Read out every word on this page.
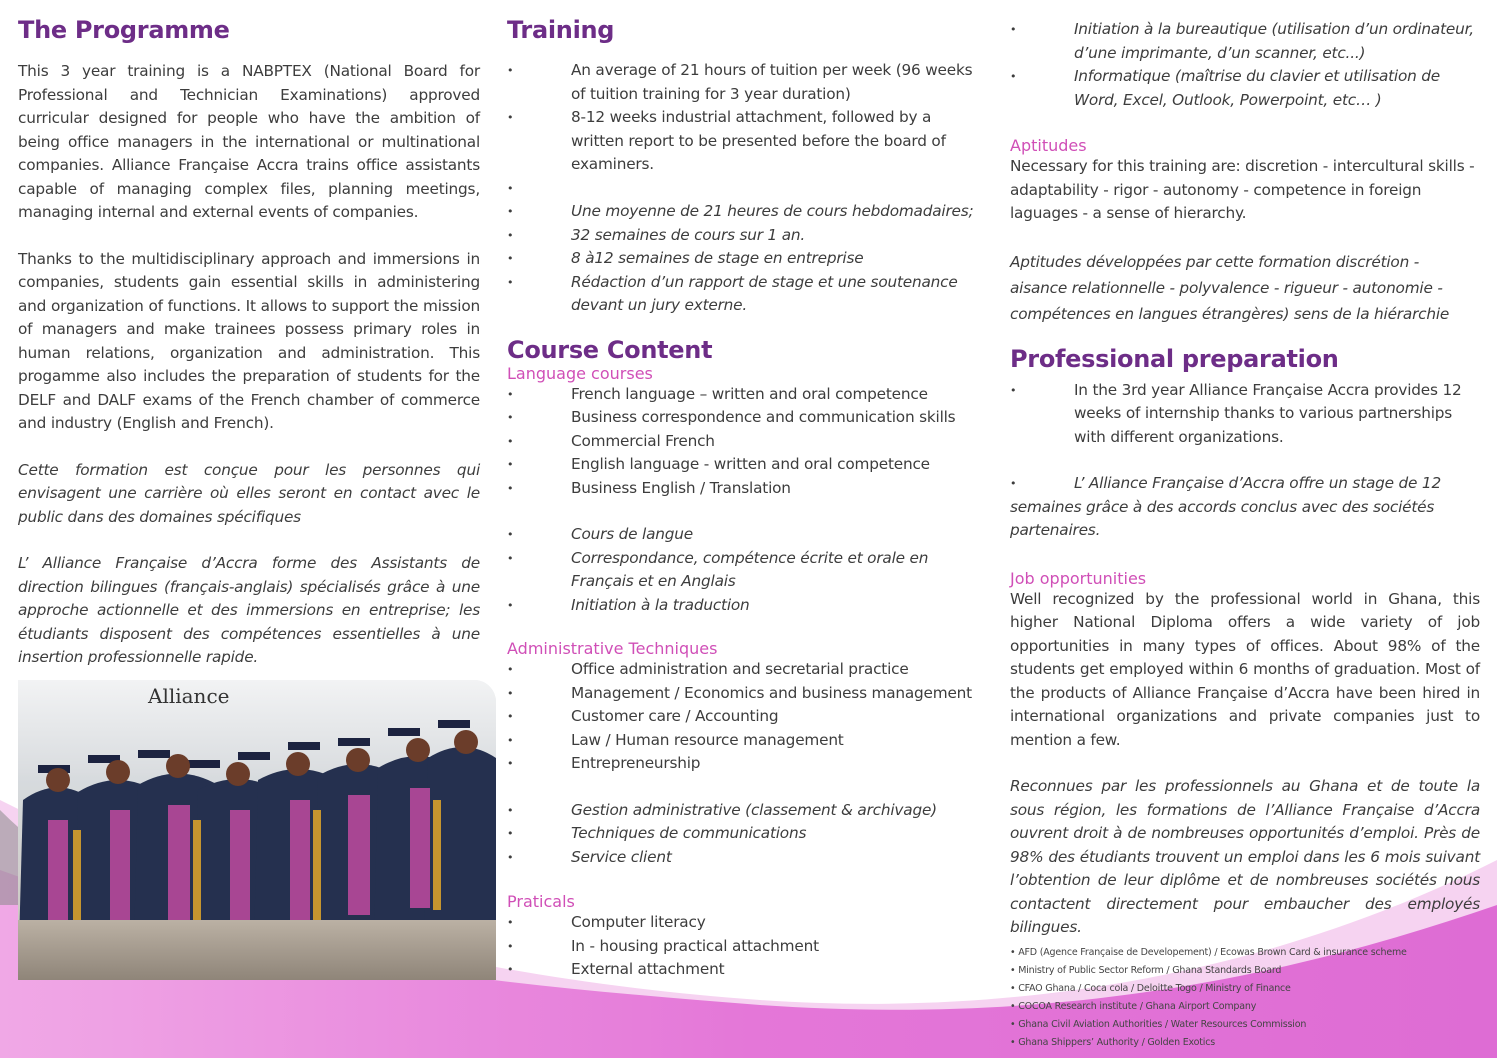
Alliance
The Programme

This 3 year training is a NABPTEX (National Board for Professional and Technician Examinations) approved curricular designed for people who have the ambition of being office managers in the international or multinational companies. Alliance Française Accra trains office assistants capable of managing complex files, planning meetings, managing internal and external events of companies.

Thanks to the multidisciplinary approach and immersions in companies, students gain essential skills in administering and organization of functions. It allows to support the mission of managers and make trainees possess primary roles in human relations, organization and administration. This progamme also includes the preparation of students for the DELF and DALF exams of the French chamber of commerce and industry (English and French).

Cette formation est conçue pour les personnes qui envisagent une carrière où elles seront en contact avec le public dans des domaines spécifiques

L’ Alliance Française d’Accra forme des Assistants de direction bilingues (français-anglais) spécialisés grâce à une approche actionnelle et des immersions en entreprise; les étudiants disposent des compétences essentielles à une insertion professionnelle rapide.

Training
•	An average of 21 hours of tuition per week (96 weeks of tuition training for 3 year duration)
•	8-12 weeks industrial attachment, followed by a written report to be presented before the board of examiners.
•
•	Une moyenne de 21 heures de cours hebdomadaires;
•	32 semaines de cours sur 1 an.
•	8 à12 semaines de stage en entreprise
•	Rédaction d’un rapport de stage et une soutenance devant un jury externe.
Course Content
Language courses
•	French language – written and oral competence
•	Business correspondence and communication skills
•	Commercial French
•	English language - written and oral competence
•	Business English / Translation
•	Cours de langue
•	Correspondance, compétence écrite et orale en Français et en Anglais
•	Initiation à la traduction
Administrative Techniques
•	Office administration and secretarial practice
•	Management / Economics and business management
•	Customer care / Accounting
•	Law / Human resource management
•	Entrepreneurship
•	Gestion administrative (classement & archivage)
•	Techniques de communications
•	Service client
Praticals
•	Computer literacy
•	In - housing practical attachment
•	External attachment
•	Initiation à la bureautique (utilisation d’un ordinateur, d’une imprimante, d’un scanner, etc...)
•	Informatique (maîtrise du clavier et utilisation de Word, Excel, Outlook, Powerpoint, etc… )
Aptitudes

Necessary for this training are: discretion - intercultural skills - adaptability - rigor - autonomy - competence in foreign laguages - a sense of hierarchy.

Aptitudes développées par cette formation discrétion - aisance relationnelle - polyvalence - rigueur - autonomie - compétences en langues étrangères) sens de la hiérarchie

Professional preparation
•	In the 3rd year Alliance Française Accra provides 12 weeks of internship thanks to various partnerships with different organizations.
•	L’ Alliance Française d’Accra offre un stage de 12

semaines grâce à des accords conclus avec des sociétés partenaires.

Job opportunities

Well recognized by the professional world in Ghana, this higher National Diploma offers a wide variety of job opportunities in many types of offices. About 98% of the students get employed within 6 months of graduation. Most of the products of Alliance Française d’Accra have been hired in international organizations and private companies just to mention a few.

Reconnues par les professionnels au Ghana et de toute la sous région, les formations de l’Alliance Française d’Accra ouvrent droit à de nombreuses opportunités d’emploi. Près de 98% des étudiants trouvent un emploi dans les 6 mois suivant l’obtention de leur diplôme et de nombreuses sociétés nous contactent directement pour embaucher des employés bilingues.

• AFD (Agence Française de Developement) / Ecowas Brown Card & insurance scheme
• Ministry of Public Sector Reform / Ghana Standards Board
• CFAO Ghana / Coca cola / Deloitte Togo / Ministry of Finance
• COCOA Research institute / Ghana Airport Company
• Ghana Civil Aviation Authorities / Water Resources Commission
• Ghana Shippers’ Authority / Golden Exotics
